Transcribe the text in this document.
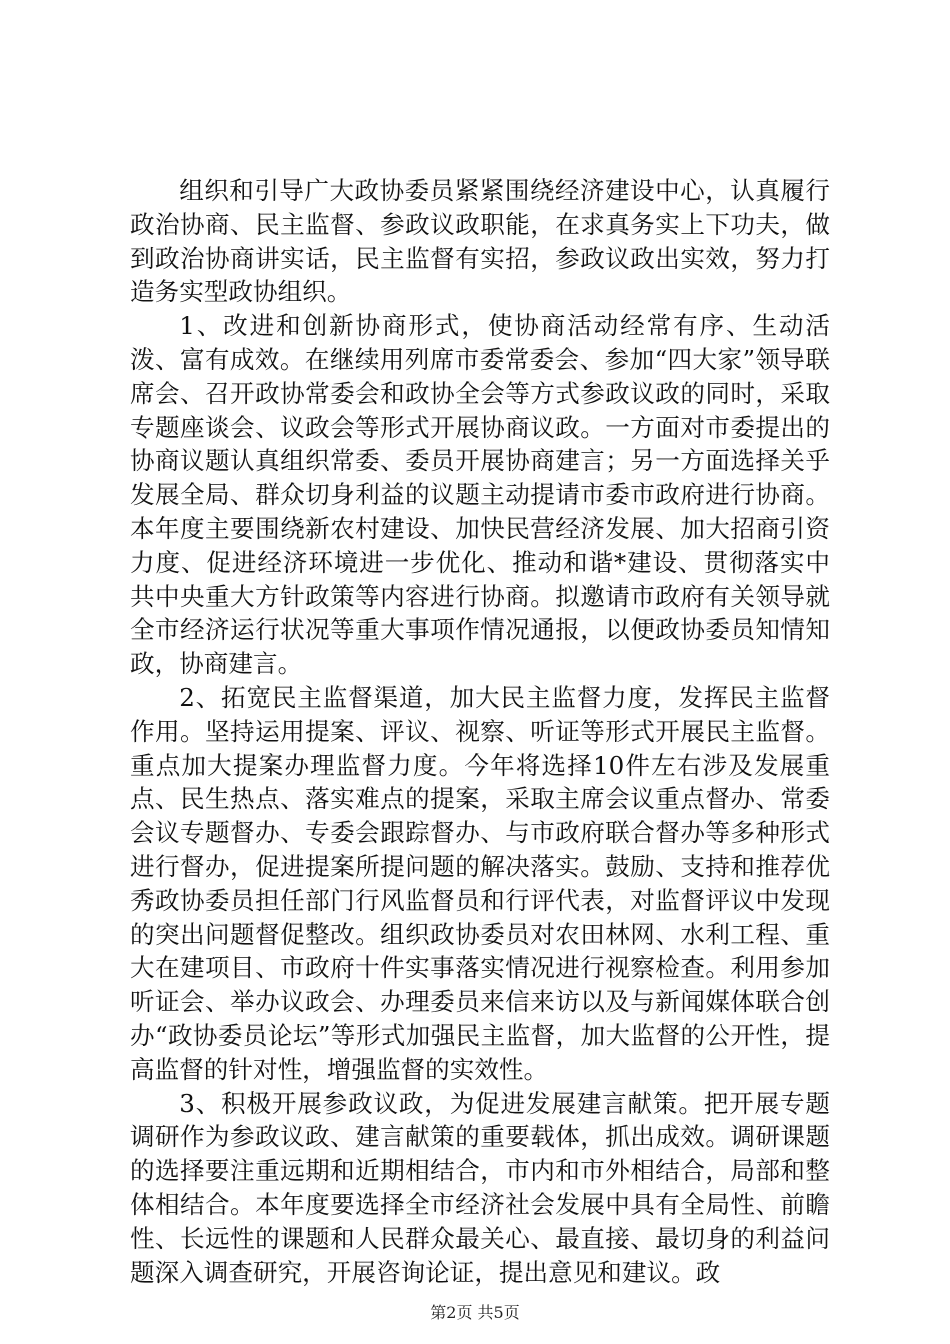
组织和引导广大政协委员紧紧围绕经济建设中心，认真履行政治协商、民主监督、参政议政职能，在求真务实上下功夫，做到政治协商讲实话，民主监督有实招，参政议政出实效，努力打造务实型政协组织。

1、改进和创新协商形式，使协商活动经常有序、生动活泼、富有成效。在继续用列席市委常委会、参加“四大家”领导联席会、召开政协常委会和政协全会等方式参政议政的同时，采取专题座谈会、议政会等形式开展协商议政。一方面对市委提出的协商议题认真组织常委、委员开展协商建言；另一方面选择关乎发展全局、群众切身利益的议题主动提请市委市政府进行协商。本年度主要围绕新农村建设、加快民营经济发展、加大招商引资力度、促进经济环境进一步优化、推动和谐*建设、贯彻落实中共中央重大方针政策等内容进行协商。拟邀请市政府有关领导就全市经济运行状况等重大事项作情况通报，以便政协委员知情知政，协商建言。

2、拓宽民主监督渠道，加大民主监督力度，发挥民主监督作用。坚持运用提案、评议、视察、听证等形式开展民主监督。重点加大提案办理监督力度。今年将选择10件左右涉及发展重点、民生热点、落实难点的提案，采取主席会议重点督办、常委会议专题督办、专委会跟踪督办、与市政府联合督办等多种形式进行督办，促进提案所提问题的解决落实。鼓励、支持和推荐优秀政协委员担任部门行风监督员和行评代表，对监督评议中发现的突出问题督促整改。组织政协委员对农田林网、水利工程、重大在建项目、市政府十件实事落实情况进行视察检查。利用参加听证会、举办议政会、办理委员来信来访以及与新闻媒体联合创办“政协委员论坛”等形式加强民主监督，加大监督的公开性，提高监督的针对性，增强监督的实效性。

3、积极开展参政议政，为促进发展建言献策。把开展专题调研作为参政议政、建言献策的重要载体，抓出成效。调研课题的选择要注重远期和近期相结合，市内和市外相结合，局部和整体相结合。本年度要选择全市经济社会发展中具有全局性、前瞻性、长远性的课题和人民群众最关心、最直接、最切身的利益问题深入调查研究，开展咨询论证，提出意见和建议。政

第2页 共5页
